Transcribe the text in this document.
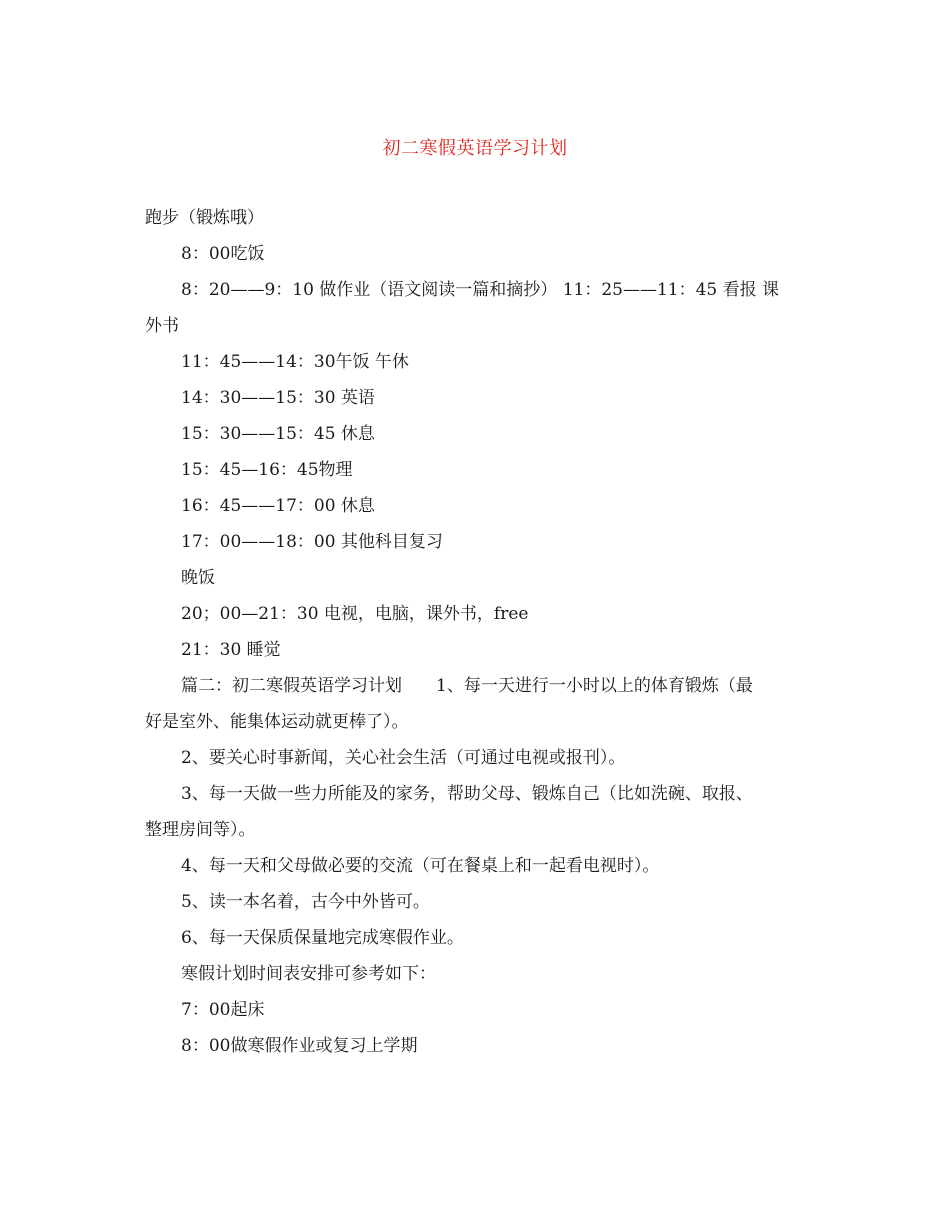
初二寒假英语学习计划

跑步（锻炼哦）

8：00吃饭

8：20——9：10 做作业（语文阅读一篇和摘抄） 11：25——11：45 看报 课

外书

11：45——14：30午饭 午休

14：30——15：30 英语

15：30——15：45 休息

15：45—16：45物理

16：45——17：00 休息

17：00——18：00 其他科目复习

晚饭

20；00—21：30 电视，电脑，课外书，free

21：30 睡觉

篇二：初二寒假英语学习计划　　1、每一天进行一小时以上的体育锻炼（最

好是室外、能集体运动就更棒了）。

2、要关心时事新闻，关心社会生活（可通过电视或报刊）。

3、每一天做一些力所能及的家务，帮助父母、锻炼自己（比如洗碗、取报、

整理房间等）。

4、每一天和父母做必要的交流（可在餐桌上和一起看电视时）。

5、读一本名着，古今中外皆可。

6、每一天保质保量地完成寒假作业。

寒假计划时间表安排可参考如下：

7：00起床

8：00做寒假作业或复习上学期
